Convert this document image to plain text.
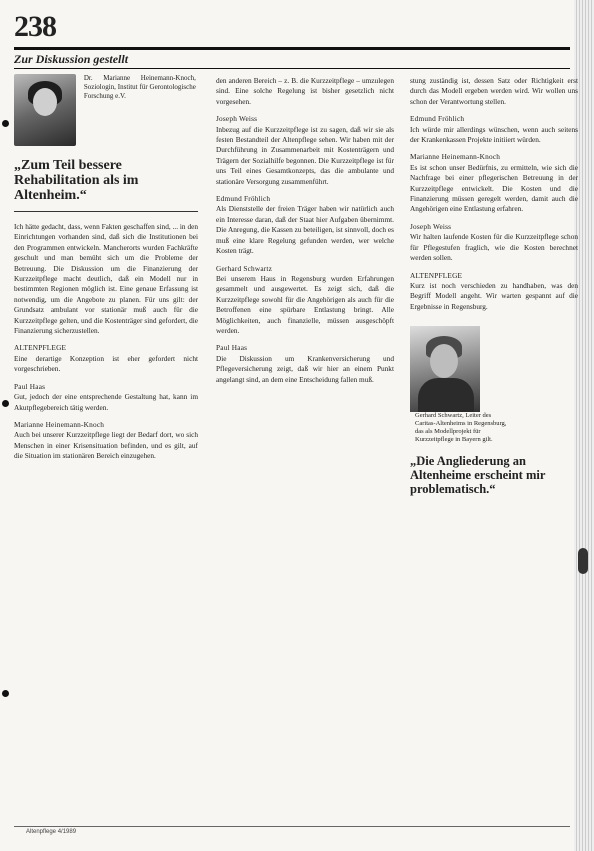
238
Zur Diskussion gestellt
Dr. Marianne Heinemann-Knoch, Soziologin, Institut für Gerontologische Forschung e.V.
„Zum Teil bessere Rehabilitation als im Altenheim.“

Ich hätte gedacht, dass, wenn Fakten geschaffen sind, ... in den Einrichtungen vorhanden sind, daß sich die Institutionen bei den Programmen entwickeln. Mancherorts wurden Fachkräfte geschult und man bemüht sich um die Probleme der Betreuung. Die Diskussion um die Finanzierung der Kurzzeitpflege macht deutlich, daß ein Modell nur in bestimmten Regionen möglich ist. Eine genaue Erfassung ist notwendig, um die Angebote zu planen. Für uns gilt: der Grundsatz ambulant vor stationär muß auch für die Kurzzeitpflege gelten, und die Kostenträger sind gefordert, die Finanzierung sicherzustellen.

ALTENPFLEGE

Eine derartige Konzeption ist eher gefordert nicht vorgeschrieben.

Paul Haas

Gut, jedoch der eine entsprechende Gestaltung hat, kann im Akutpflegebereich tätig werden.

Marianne Heinemann-Knoch

Auch bei unserer Kurzzeitpflege liegt der Bedarf dort, wo sich Menschen in einer Krisensituation befinden, und es gilt, auf die Situation im stationären Bereich einzugehen.

den anderen Bereich – z. B. die Kurzzeitpflege – umzulegen sind. Eine solche Regelung ist bisher gesetzlich nicht vorgesehen.

Joseph Weiss

Inbezug auf die Kurzzeitpflege ist zu sagen, daß wir sie als festen Bestandteil der Altenpflege sehen. Wir haben mit der Durchführung in Zusammenarbeit mit Kostenträgern und Trägern der Sozialhilfe begonnen. Die Kurzzeitpflege ist für uns Teil eines Gesamtkonzepts, das die ambulante und stationäre Versorgung zusammenführt.

Edmund Fröhlich

Als Dienststelle der freien Träger haben wir natürlich auch ein Interesse daran, daß der Staat hier Aufgaben übernimmt. Die Anregung, die Kassen zu beteiligen, ist sinnvoll, doch es muß eine klare Regelung gefunden werden, wer welche Kosten trägt.

Gerhard Schwartz

Bei unserem Haus in Regensburg wurden Erfahrungen gesammelt und ausgewertet. Es zeigt sich, daß die Kurzzeitpflege sowohl für die Angehörigen als auch für die Betroffenen eine spürbare Entlastung bringt. Alle Möglichkeiten, auch finanzielle, müssen ausgeschöpft werden.

Paul Haas

Die Diskussion um Krankenversicherung und Pflegeversicherung zeigt, daß wir hier an einem Punkt angelangt sind, an dem eine Entscheidung fallen muß.

stung zuständig ist, dessen Satz oder Richtigkeit erst durch das Modell ergeben werden wird. Wir wollen uns schon der Verantwortung stellen.

Edmund Fröhlich

Ich würde mir allerdings wünschen, wenn auch seitens der Krankenkassen Projekte initiiert würden.

Marianne Heinemann-Knoch

Es ist schon unser Bedürfnis, zu ermitteln, wie sich die Nachfrage bei einer pflegerischen Betreuung in der Kurzzeitpflege entwickelt. Die Kosten und die Finanzierung müssen geregelt werden, damit auch die Angehörigen eine Entlastung erfahren.

Joseph Weiss

Wir halten laufende Kosten für die Kurzzeitpflege schon für Pflegestufen fraglich, wie die Kosten berechnet werden sollen.

ALTENPFLEGE

Kurz ist noch verschieden zu handhaben, was den Begriff Modell angeht. Wir warten gespannt auf die Ergebnisse in Regensburg.

Gerhard Schwartz, Leiter des Caritas-Altenheims in Regensburg, das als Modellprojekt für Kurzzeitpflege in Bayern gilt.
„Die Angliederung an Altenheime erscheint mir problematisch.“
Altenpflege 4/1989
